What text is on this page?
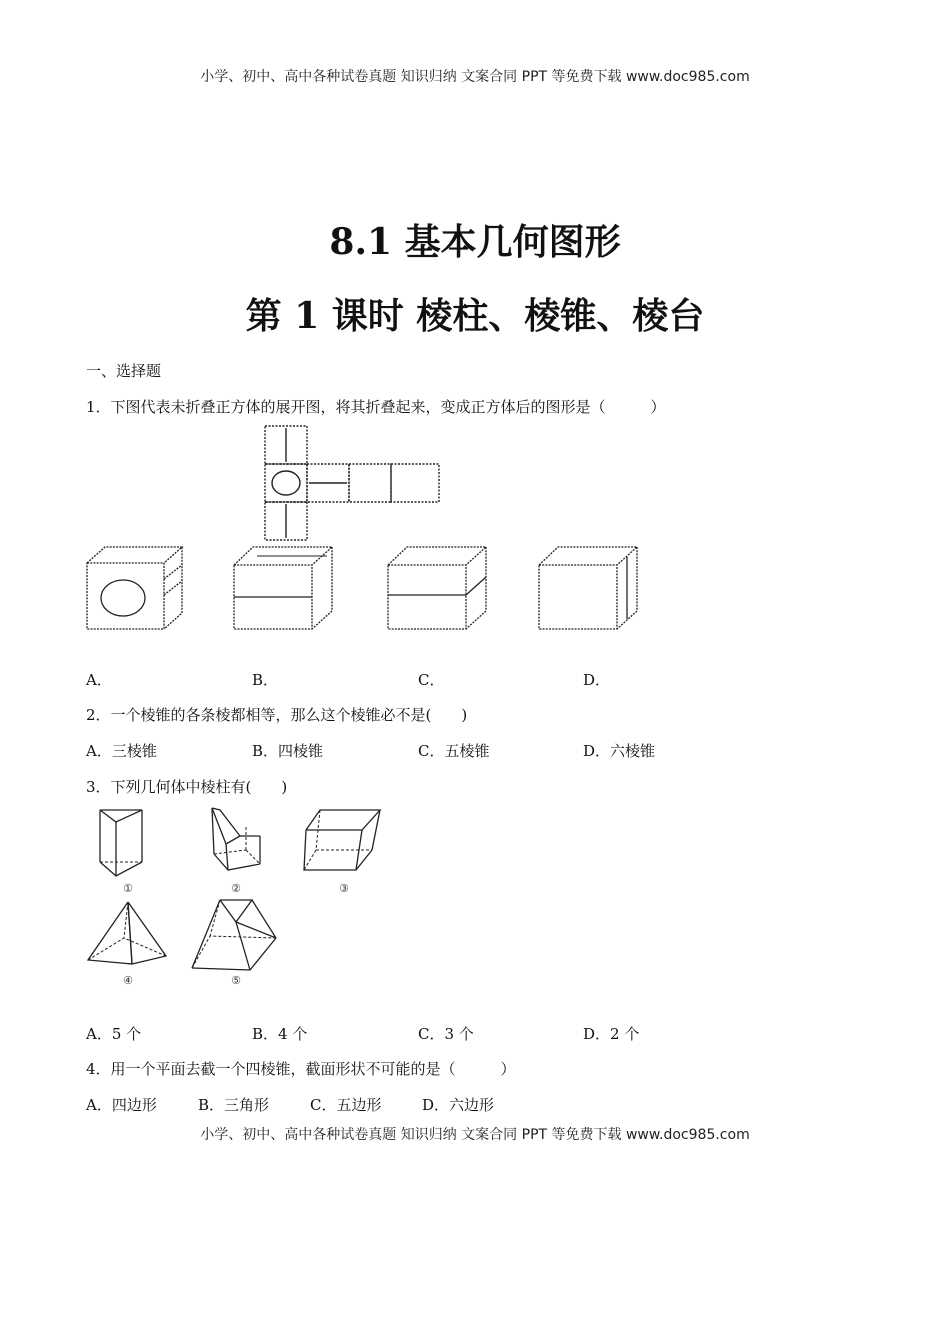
小学、初中、高中各种试卷真题 知识归纳 文案合同 PPT 等免费下载 www.doc985.com
8.1 基本几何图形
第 1 课时 棱柱、棱锥、棱台
一、选择题
1．下图代表未折叠正方体的展开图，将其折叠起来，变成正方体后的图形是（　　　）
A．	B．	C．	D．
2．一个棱锥的各条棱都相等，那么这个棱锥必不是(　　)
A．三棱锥	B．四棱锥	C．五棱锥	D．六棱锥
3．下列几何体中棱柱有(　　)
①	②	③
④	⑤
A．5 个	B．4 个	C．3 个	D．2 个
4．用一个平面去截一个四棱锥，截面形状不可能的是（　　　）
A．四边形	B．三角形	C．五边形	D．六边形
小学、初中、高中各种试卷真题 知识归纳 文案合同 PPT 等免费下载 www.doc985.com
